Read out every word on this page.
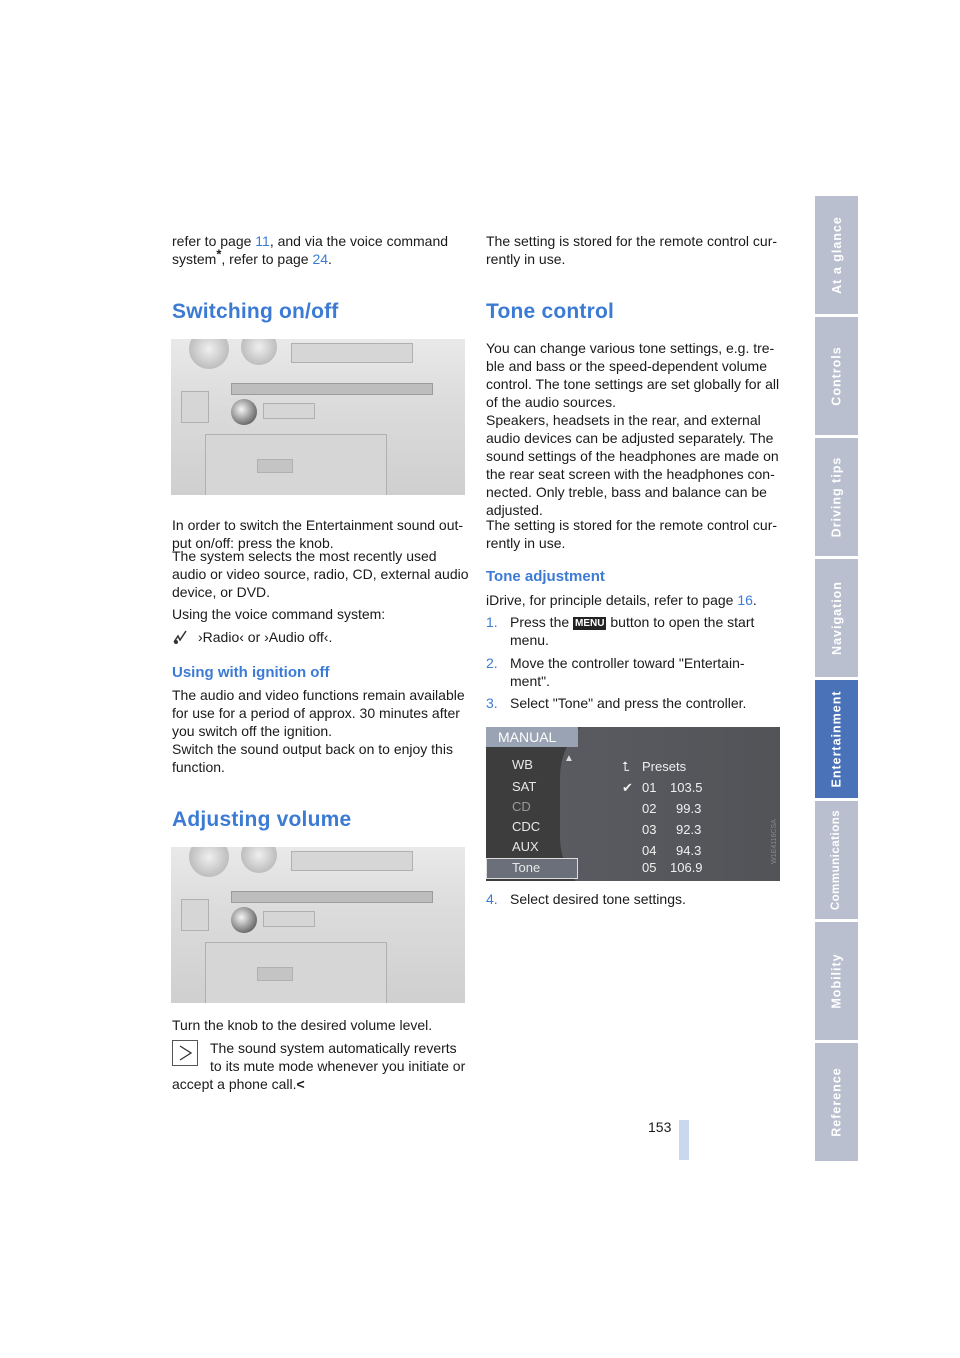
refer to page 11, and via the voice command

system*, refer to page 24.

Switching on/off

In order to switch the Entertainment sound out-
put on/off: press the knob.

The system selects the most recently used
audio or video source, radio, CD, external audio
device, or DVD.

Using the voice command system:

›Radio‹ or ›Audio off‹.

Using with ignition off

The audio and video functions remain available
for use for a period of approx. 30 minutes after
you switch off the ignition.
Switch the sound output back on to enjoy this
function.

Adjusting volume

Turn the knob to the desired volume level.

The sound system automatically reverts

to its mute mode whenever you initiate or

accept a phone call.<

The setting is stored for the remote control cur-
rently in use.

Tone control

You can change various tone settings, e.g. tre-
ble and bass or the speed-dependent volume
control. The tone settings are set globally for all
of the audio sources.
Speakers, headsets in the rear, and external
audio devices can be adjusted separately. The
sound settings of the headphones are made on
the rear seat screen with the headphones con-
nected. Only treble, bass and balance can be
adjusted.

The setting is stored for the remote control cur-
rently in use.

Tone adjustment

iDrive, for principle details, refer to page 16.

1. Press the MENU button to open the start

menu.

2. Move the controller toward "Entertain-
ment".

3. Select "Tone" and press the controller.

MANUAL
WB
SAT
CD
CDC
AUX
Tone
▲
⮤ Presets
✔ 01 103.5
02 99.3
03 92.3
04 94.3
05 106.9
W1E4116CSA

4. Select desired tone settings.

153

At a glance
Controls
Driving tips
Navigation
Entertainment
Communications
Mobility
Reference
